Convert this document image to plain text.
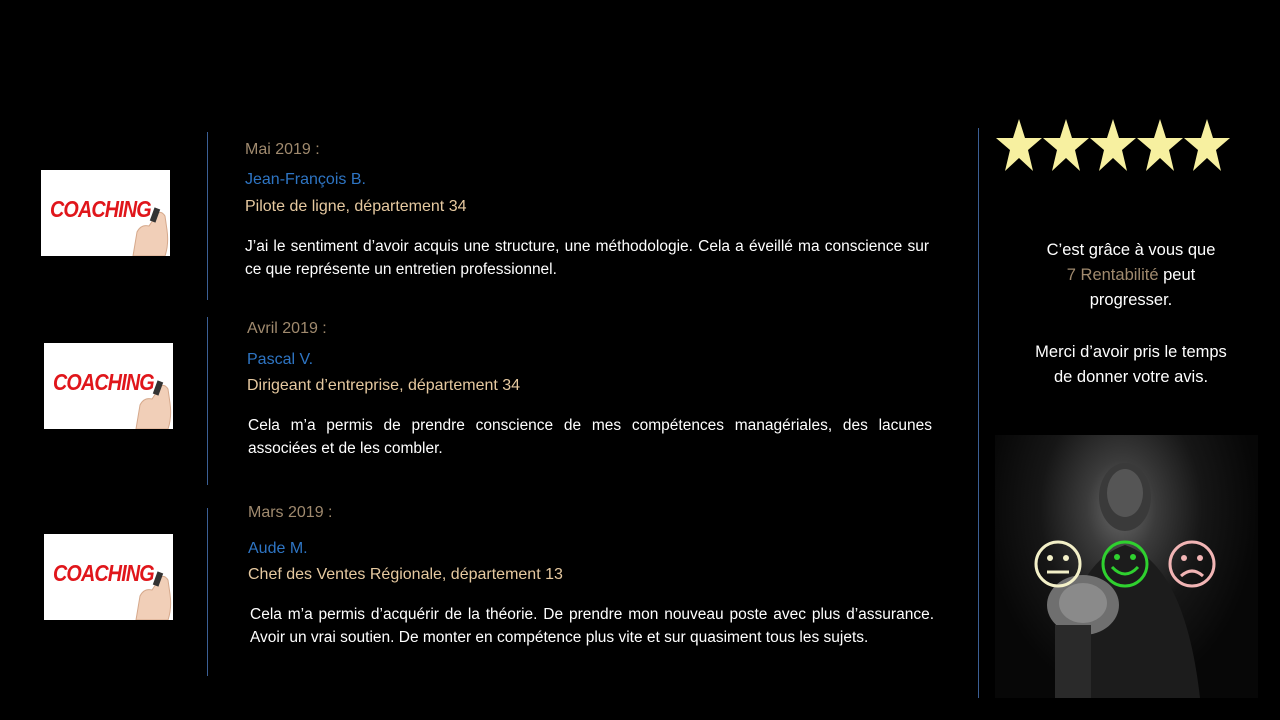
COACHING
Mai 2019 :
Jean-François B.
Pilote de ligne, département 34
J’ai le sentiment d’avoir acquis une structure, une méthodologie. Cela a éveillé ma conscience sur ce que représente un entretien professionnel.
COACHING
Avril 2019 :
Pascal V.
Dirigeant d’entreprise, département 34
Cela m’a permis de prendre conscience de mes compétences managériales, des lacunes associées et de les combler.
COACHING
Mars 2019 :
Aude M.
Chef des Ventes Régionale, département 13
Cela m’a permis d’acquérir de la théorie. De prendre mon nouveau poste avec plus d’assurance. Avoir un vrai soutien. De monter en compétence plus vite et sur quasiment tous les sujets.
C’est grâce à vous que
7 Rentabilité peut
progresser.
Merci d’avoir pris le temps
de donner votre avis.
